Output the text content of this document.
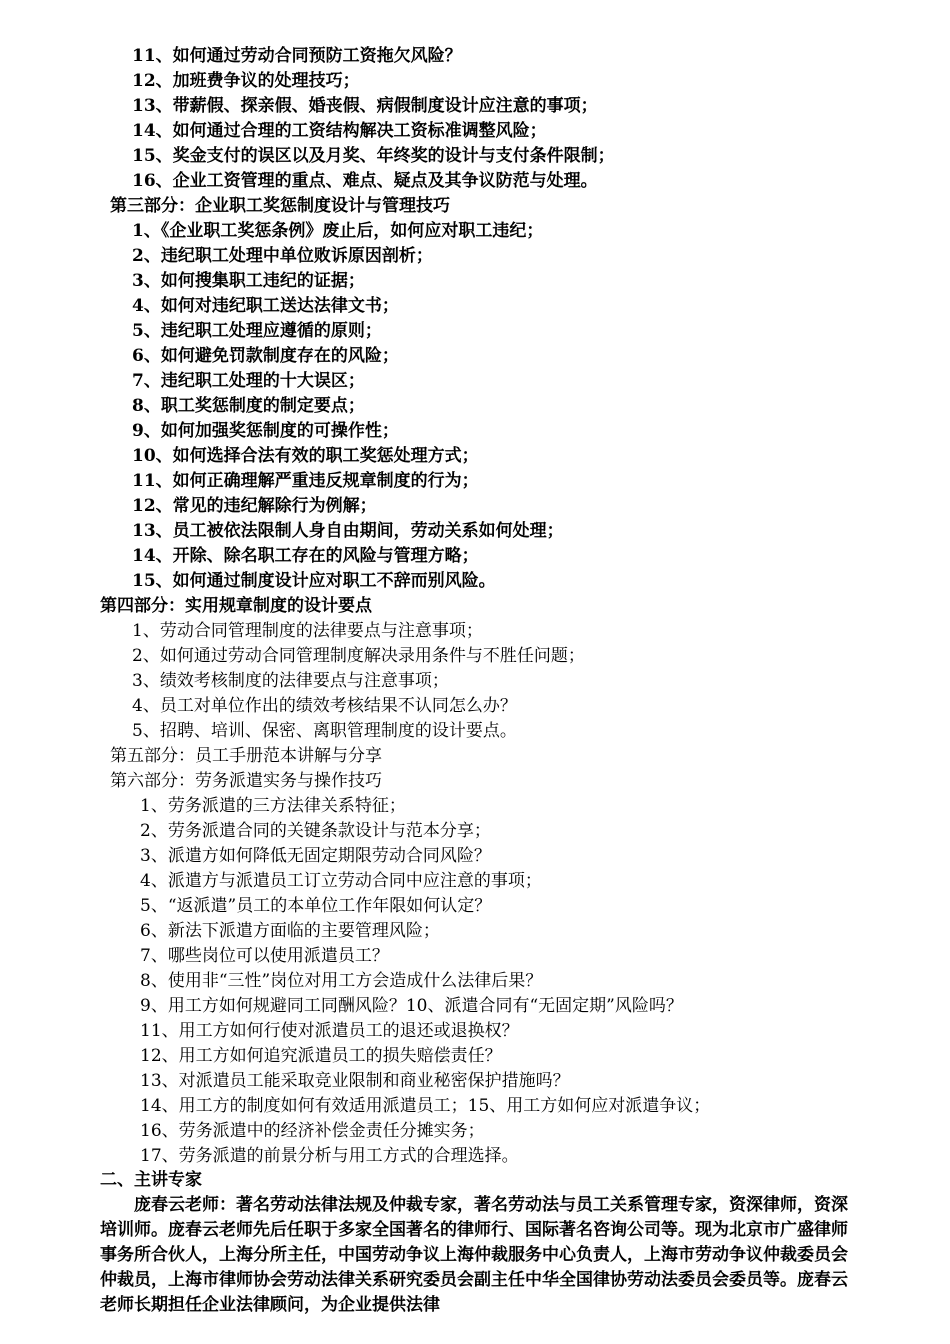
11、如何通过劳动合同预防工资拖欠风险？
12、加班费争议的处理技巧；
13、带薪假、探亲假、婚丧假、病假制度设计应注意的事项；
14、如何通过合理的工资结构解决工资标准调整风险；
15、奖金支付的误区以及月奖、年终奖的设计与支付条件限制；
16、企业工资管理的重点、难点、疑点及其争议防范与处理。
第三部分：企业职工奖惩制度设计与管理技巧
1、《企业职工奖惩条例》废止后，如何应对职工违纪；
2、违纪职工处理中单位败诉原因剖析；
3、如何搜集职工违纪的证据；
4、如何对违纪职工送达法律文书；
5、违纪职工处理应遵循的原则；
6、如何避免罚款制度存在的风险；
7、违纪职工处理的十大误区；
8、职工奖惩制度的制定要点；
9、如何加强奖惩制度的可操作性；
10、如何选择合法有效的职工奖惩处理方式；
11、如何正确理解严重违反规章制度的行为；
12、常见的违纪解除行为例解；
13、员工被依法限制人身自由期间，劳动关系如何处理；
14、开除、除名职工存在的风险与管理方略；
15、如何通过制度设计应对职工不辞而别风险。
第四部分：实用规章制度的设计要点
1、劳动合同管理制度的法律要点与注意事项；
2、如何通过劳动合同管理制度解决录用条件与不胜任问题；
3、绩效考核制度的法律要点与注意事项；
4、员工对单位作出的绩效考核结果不认同怎么办？
5、招聘、培训、保密、离职管理制度的设计要点。
第五部分：员工手册范本讲解与分享
第六部分：劳务派遣实务与操作技巧
1、劳务派遣的三方法律关系特征；
2、劳务派遣合同的关键条款设计与范本分享；
3、派遣方如何降低无固定期限劳动合同风险？
4、派遣方与派遣员工订立劳动合同中应注意的事项；
5、“返派遣”员工的本单位工作年限如何认定？
6、新法下派遣方面临的主要管理风险；
7、哪些岗位可以使用派遣员工？
8、使用非“三性”岗位对用工方会造成什么法律后果？
9、用工方如何规避同工同酬风险？10、派遣合同有“无固定期”风险吗？
11、用工方如何行使对派遣员工的退还或退换权？
12、用工方如何追究派遣员工的损失赔偿责任？
13、对派遣员工能采取竞业限制和商业秘密保护措施吗？
14、用工方的制度如何有效适用派遣员工；15、用工方如何应对派遣争议；
16、劳务派遣中的经济补偿金责任分摊实务；
17、劳务派遣的前景分析与用工方式的合理选择。
二、主讲专家

庞春云老师：著名劳动法律法规及仲裁专家，著名劳动法与员工关系管理专家，资深律师，资深培训师。庞春云老师先后任职于多家全国著名的律师行、国际著名咨询公司等。现为北京市广盛律师事务所合伙人，上海分所主任，中国劳动争议上海仲裁服务中心负责人，上海市劳动争议仲裁委员会仲裁员，上海市律师协会劳动法律关系研究委员会副主任中华全国律协劳动法委员会委员等。庞春云老师长期担任企业法律顾问，为企业提供法律
